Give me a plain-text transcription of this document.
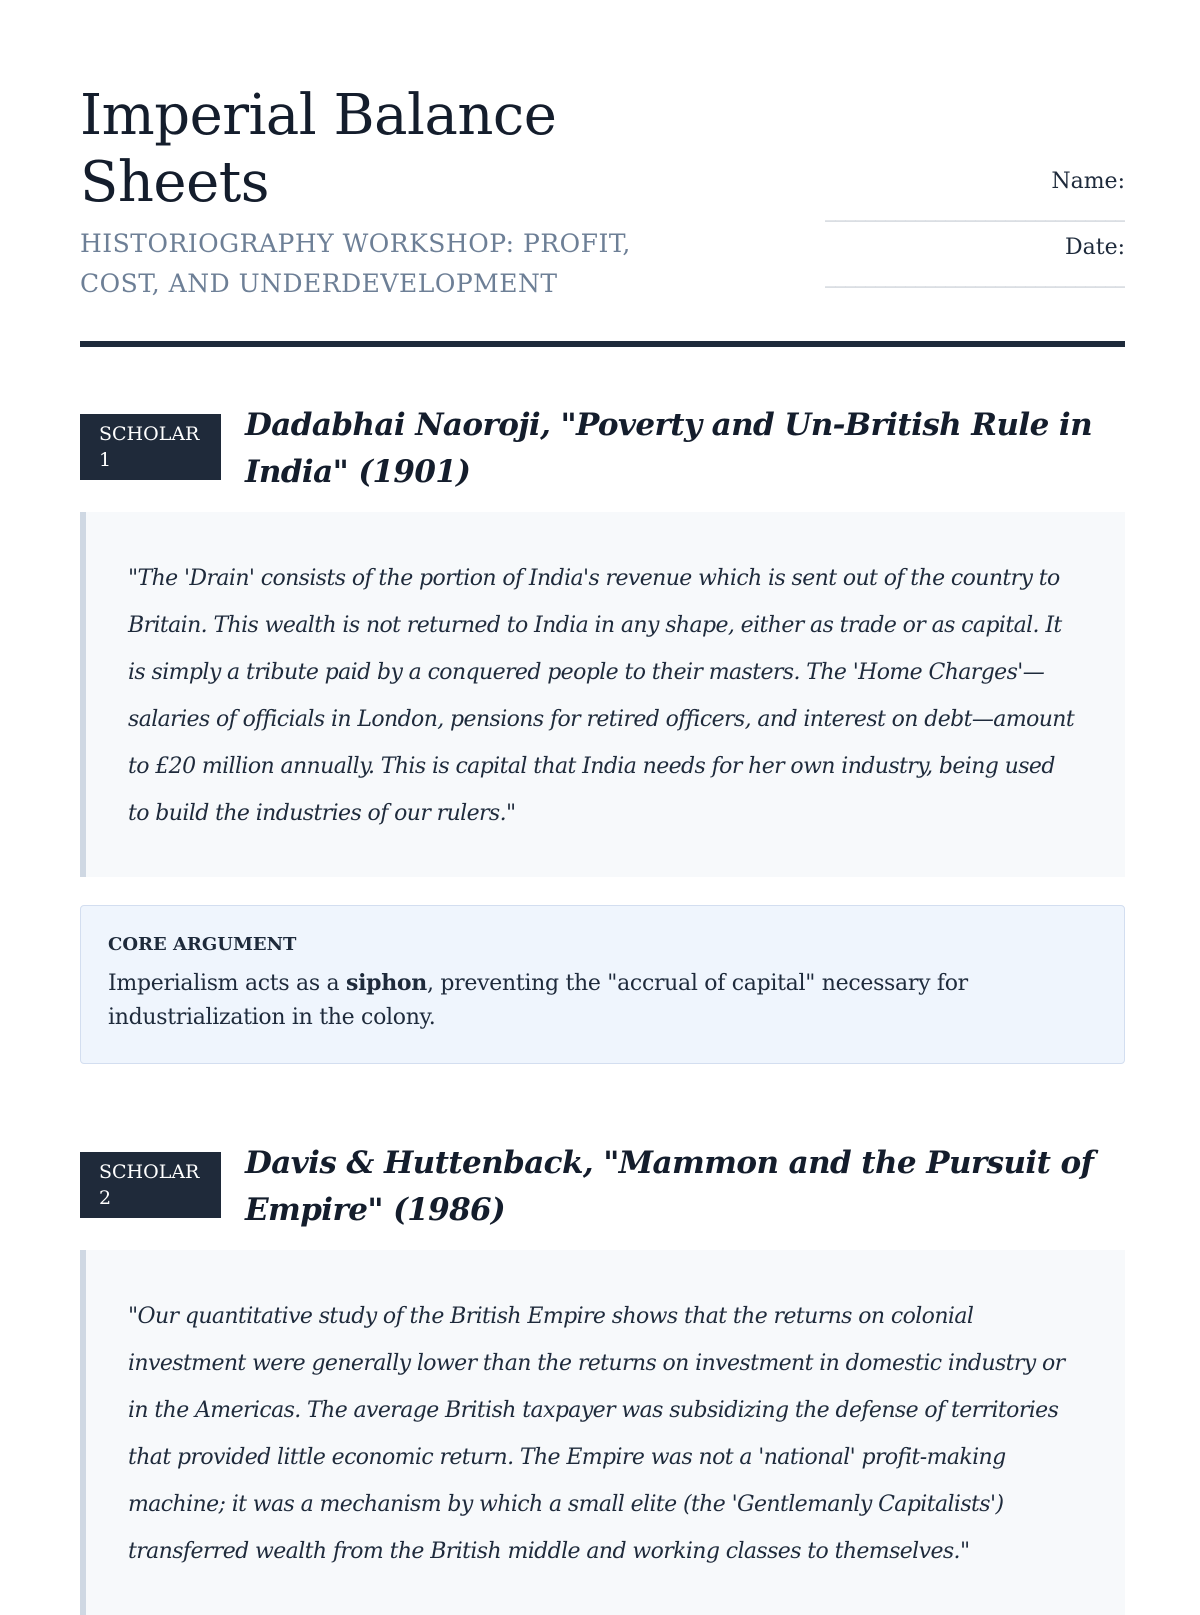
Imperial Balance Sheets
HISTORIOGRAPHY WORKSHOP: PROFIT, COST, AND UNDERDEVELOPMENT
Name:
______________________________
Date:
______________________________
SCHOLAR
1
Dadabhai Naoroji, "Poverty and Un-British Rule in India" (1901)
"The 'Drain' consists of the portion of India's revenue which is sent out of the country to Britain. This wealth is not returned to India in any shape, either as trade or as capital. It is simply a tribute paid by a conquered people to their masters. The 'Home Charges'—salaries of officials in London, pensions for retired officers, and interest on debt—amount to £20 million annually. This is capital that India needs for her own industry, being used to build the industries of our rulers."
CORE ARGUMENT
Imperialism acts as a siphon, preventing the "accrual of capital" necessary for industrialization in the colony.
SCHOLAR
2
Davis & Huttenback, "Mammon and the Pursuit of Empire" (1986)
"Our quantitative study of the British Empire shows that the returns on colonial investment were generally lower than the returns on investment in domestic industry or in the Americas. The average British taxpayer was subsidizing the defense of territories that provided little economic return. The Empire was not a 'national' profit-making machine; it was a mechanism by which a small elite (the 'Gentlemanly Capitalists') transferred wealth from the British middle and working classes to themselves."
